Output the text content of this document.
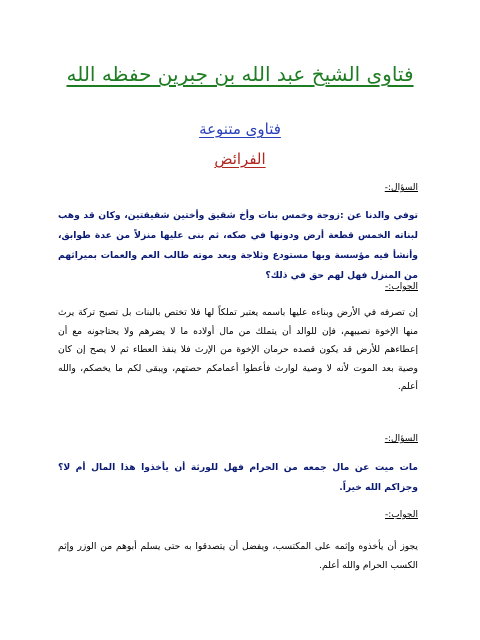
فتاوى الشيخ عبد الله بن جبرين حفظه الله
فتاوى متنوعة
الفرائض
السؤال:-
توفي والدنا عن :زوجة وخمس بنات وأخ شقيق وأختين شقيقتين، وكان قد وهب لبناته الخمس قطعة أرض ودونها في صكه، ثم بنى عليها منزلاً من عدة طوابق، وأنشأ فيه مؤسسة وبها مستودع وثلاجة وبعد موته طالب العم والعمات بميراثهم من المنزل فهل لهم حق في ذلك؟
الجواب:-
إن تصرفه في الأرض وبناءه عليها باسمه يعتبر تملكاً لها فلا تختص بالبنات بل تصبح تركة يرث منها الإخوة نصيبهم، فإن للوالد أن يتملك من مال أولاده ما لا يضرهم ولا يحتاجونه مع أن إعطاءهم للأرض قد يكون قصده حرمان الإخوة من الإرث فلا ينفذ العطاء ثم لا يصح إن كان وصية بعد الموت لأنه لا وصية لوارث فأعطوا أعمامكم حصتهم، ويبقى لكم ما يخصكم، والله أعلم.
السؤال:-
مات ميت عن مال جمعه من الحرام فهل للورثة أن يأخذوا هذا المال أم لا؟ وجزاكم الله خيراً.
الجواب:-
يجوز أن يأخذوه وإثمه على المكتسب، ويفضل أن يتصدقوا به حتى يسلم أبوهم من الوزر وإثم الكسب الحرام والله أعلم.
